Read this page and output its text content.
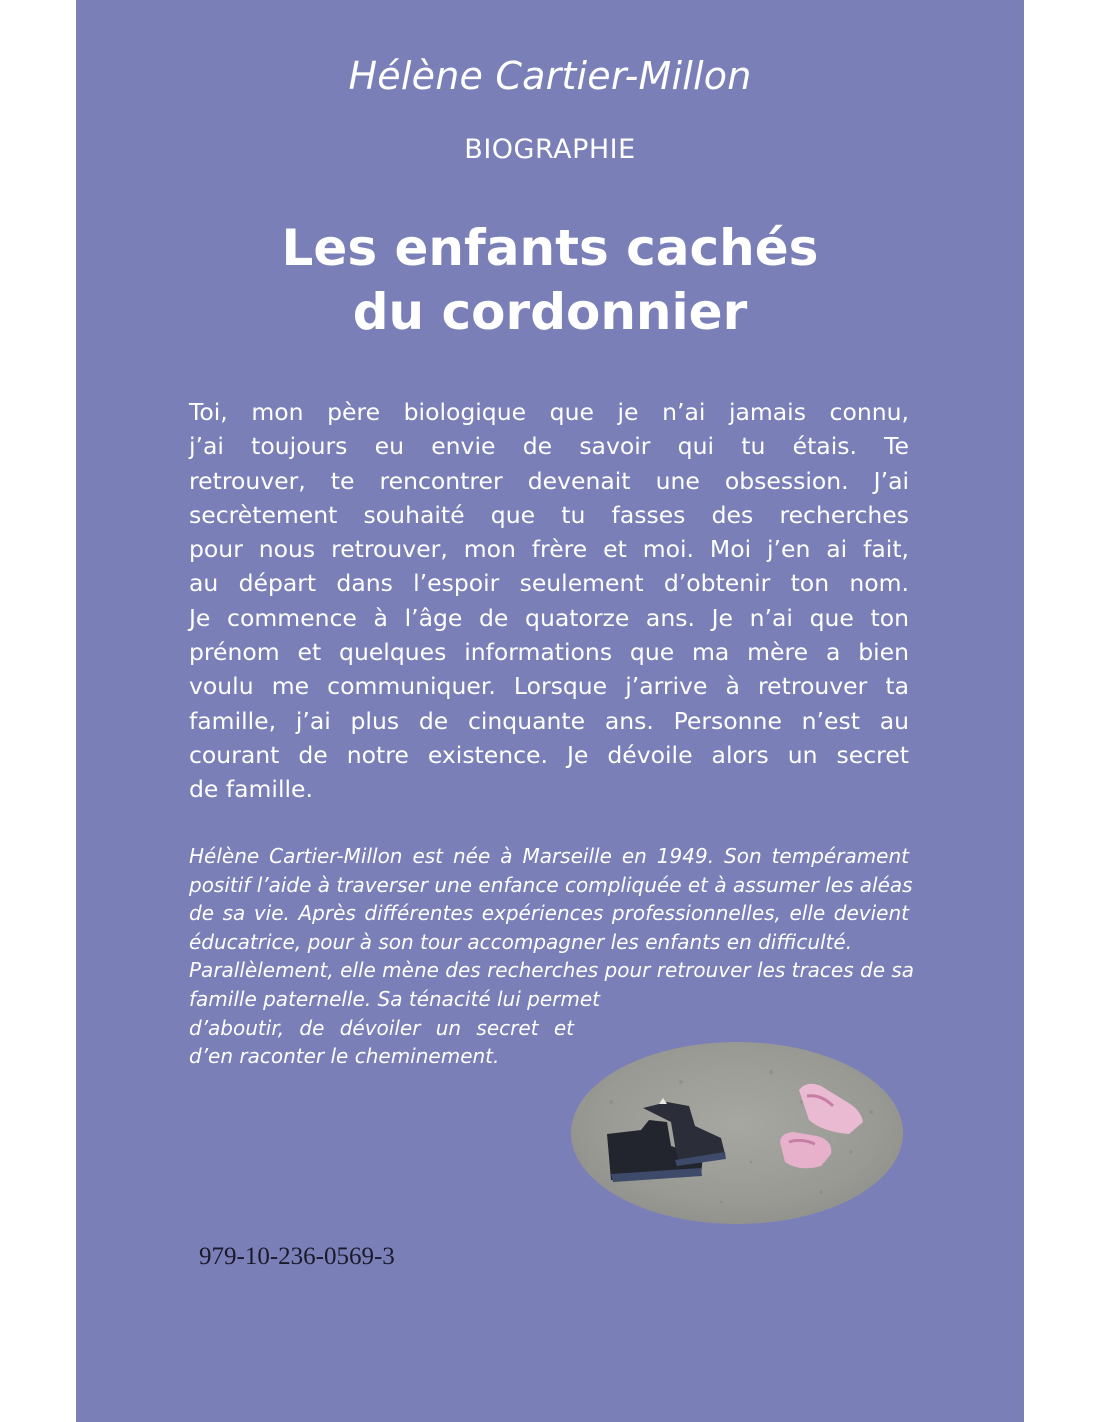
Hélène Cartier-Millon
BIOGRAPHIE
Les enfants cachés
du cordonnier
Toi, mon père biologique que je n’ai jamais connu,
j’ai toujours eu envie de savoir qui tu étais. Te
retrouver, te rencontrer devenait une obsession. J’ai
secrètement souhaité que tu fasses des recherches
pour nous retrouver, mon frère et moi. Moi j’en ai fait,
au départ dans l’espoir seulement d’obtenir ton nom.
Je commence à l’âge de quatorze ans. Je n’ai que ton
prénom et quelques informations que ma mère a bien
voulu me communiquer. Lorsque j’arrive à retrouver ta
famille, j’ai plus de cinquante ans. Personne n’est au
courant de notre existence. Je dévoile alors un secret
de famille.
Hélène Cartier-Millon est née à Marseille en 1949. Son tempérament
positif l’aide à traverser une enfance compliquée et à assumer les aléas
de sa vie. Après différentes expériences professionnelles, elle devient
éducatrice, pour à son tour accompagner les enfants en difficulté.
Parallèlement, elle mène des recherches pour retrouver les traces de sa
famille paternelle. Sa ténacité lui permet
d’aboutir, de dévoiler un secret et
d’en raconter le cheminement.
979-10-236-0569-3
